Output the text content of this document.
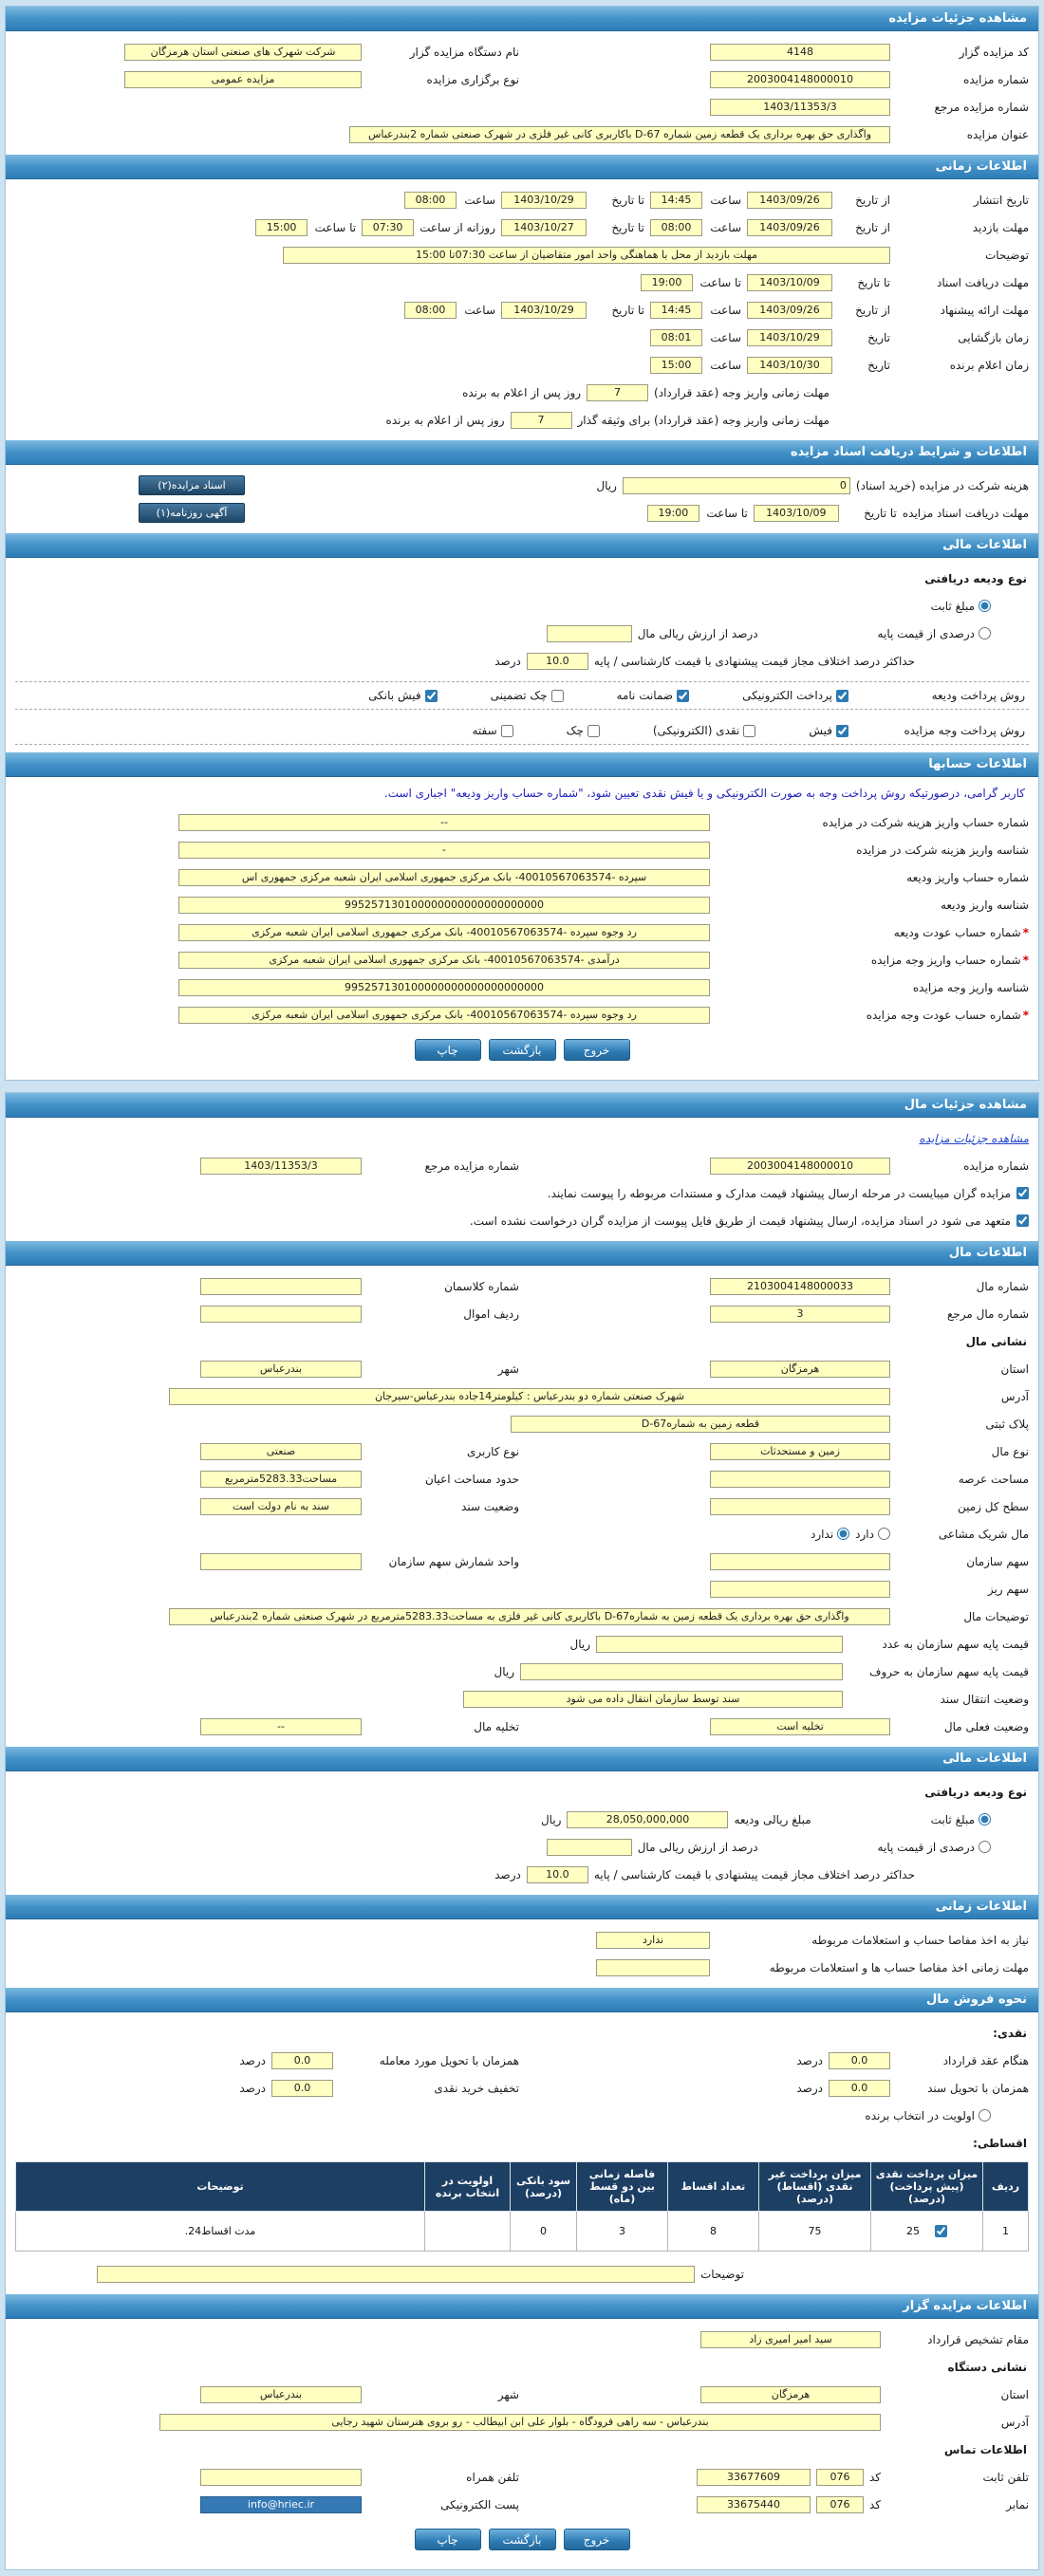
مشاهده جزئیات مزایده
کد مزایده گزار
4148
نام دستگاه مزایده گزار
شرکت شهرک های صنعتی استان هرمزگان
شماره مزایده
2003004148000010
نوع برگزاری مزایده
مزایده عمومی
شماره مزایده مرجع
1403/11353/3
عنوان مزایده
واگذاری حق بهره برداری یک قطعه زمین شماره D-67 باکاربری کانی غیر فلزی در شهرک صنعتی شماره 2بندرعباس
اطلاعات زمانی
تاریخ انتشار
از تاریخ
1403/09/26
ساعت
14:45
تا تاریخ
1403/10/29
ساعت
08:00
مهلت بازدید
از تاریخ
1403/09/26
ساعت
08:00
تا تاریخ
1403/10/27
روزانه از ساعت
07:30
تا ساعت
15:00
توضیحات
مهلت بازدید از محل با هماهنگی واحد امور متقاضیان از ساعت 07:30تا 15:00
مهلت دریافت اسناد
تا تاریخ
1403/10/09
تا ساعت
19:00
مهلت ارائه پیشنهاد
از تاریخ
1403/09/26
ساعت
14:45
تا تاریخ
1403/10/29
ساعت
08:00
زمان بازگشایی
تاریخ
1403/10/29
ساعت
08:01
زمان اعلام برنده
تاریخ
1403/10/30
ساعت
15:00
مهلت زمانی واریز وجه (عقد قرارداد)
7
روز پس از اعلام به برنده
مهلت زمانی واریز وجه (عقد قرارداد) برای وثیقه گذار
7
روز پس از اعلام به برنده
اطلاعات و شرایط دریافت اسناد مزایده
هزینه شرکت در مزایده (خرید اسناد)
0
ریال
اسناد مزایده(۲)
مهلت دریافت اسناد مزایده
تا تاریخ
1403/10/09
تا ساعت
19:00
آگهی روزنامه(۱)
اطلاعات مالی
نوع ودیعه دریافتی
مبلغ ثابت
درصدی از قیمت پایه
درصد از ارزش ریالی مال
حداکثر درصد اختلاف مجاز قیمت پیشنهادی با قیمت کارشناسی / پایه
10.0
درصد
روش پرداخت ودیعه
پرداخت الکترونیکی
ضمانت نامه
چک تضمینی
فیش بانکی
روش پرداخت وجه مزایده
فیش
نقدی (الکترونیکی)
چک
سفته
اطلاعات حسابها
کاربر گرامی، درصورتیکه روش پرداخت وجه به صورت الکترونیکی و یا فیش نقدی تعیین شود، "شماره حساب واریز ودیعه" اجباری است.
شماره حساب واریز هزینه شرکت در مزایده
--
شناسه واریز هزینه شرکت در مزایده
-
شماره حساب واریز ودیعه
سپرده -40010567063574- بانک مرکزی جمهوری اسلامی ایران شعبه مرکزی جمهوری اس
شناسه واریز ودیعه
995257130100000000000000000000
*شماره حساب عودت ودیعه
رد وجوه سپرده -40010567063574- بانک مرکزی جمهوری اسلامی ایران شعبه مرکزی
*شماره حساب واریز وجه مزایده
درآمدی -40010567063574- بانک مرکزی جمهوری اسلامی ایران شعبه مرکزی
شناسه واریز وجه مزایده
995257130100000000000000000000
*شماره حساب عودت وجه مزایده
رد وجوه سپرده -40010567063574- بانک مرکزی جمهوری اسلامی ایران شعبه مرکزی
خروج
بازگشت
چاپ
مشاهده جزئیات مال
مشاهده جزئیات مزایده
شماره مزایده
2003004148000010
شماره مزایده مرجع
1403/11353/3
مزایده گران میبایست در مرحله ارسال پیشنهاد قیمت مدارک و مستندات مربوطه را پیوست نمایند.
متعهد می شود در اسناد مزایده، ارسال پیشنهاد قیمت از طریق فایل پیوست از مزایده گران درخواست نشده است.
اطلاعات مال
شماره مال
2103004148000033
شماره کلاسمان
شماره مال مرجع
3
ردیف اموال
نشانی مال
استان
هرمزگان
شهر
بندرعباس
آدرس
شهرک صنعتی شماره دو بندرعباس : کیلومتر14جاده بندرعباس-سیرجان
پلاک ثبتی
قطعه زمین به شمارهD-67
نوع مال
زمین و مستحدثات
نوع کاربری
صنعتی
مساحت عرصه
حدود مساحت اعیان
مساحت5283.33مترمربع
سطح کل زمین
وضعیت سند
سند به نام دولت است
مال شریک مشاعی
دارد
ندارد
سهم سازمان
واحد شمارش سهم سازمان
سهم ریز
توضیحات مال
واگذاری حق بهره برداری یک قطعه زمین به شمارهD-67 باکاربری کانی غیر فلزی به مساحت5283.33مترمربع در شهرک صنعتی شماره 2بندرعباس
قیمت پایه سهم سازمان به عدد
ریال
قیمت پایه سهم سازمان به حروف
ریال
وضعیت انتقال سند
سند توسط سازمان انتقال داده می شود
وضعیت فعلی مال
تخلیه است
تخلیه مال
--
اطلاعات مالی
نوع ودیعه دریافتی
مبلغ ثابت
مبلغ ریالی ودیعه
28,050,000,000
ریال
درصدی از قیمت پایه
درصد از ارزش ریالی مال
حداکثر درصد اختلاف مجاز قیمت پیشنهادی با قیمت کارشناسی / پایه
10.0
درصد
اطلاعات زمانی
نیاز به اخذ مفاصا حساب و استعلامات مربوطه
ندارد
مهلت زمانی اخذ مفاصا حساب ها و استعلامات مربوطه
نحوه فروش مال
نقدی:
هنگام عقد قرارداد
0.0
درصد
همزمان با تحویل مورد معامله
0.0
درصد
همزمان با تحویل سند
0.0
درصد
تخفیف خرید نقدی
0.0
درصد
اولویت در انتخاب برنده
اقساطی:
ردیف	میزان پرداخت نقدی (پیش پرداخت)(درصد)	میزان پرداخت غیر نقدی (اقساط)(درصد)	تعداد اقساط	فاصله زمانی بین دو قسط (ماه)	سود بانکی (درصد)	اولویت در انتخاب برنده	توضیحات
1	25	75	8	3	0		مدت اقساط24.
توضیحات
اطلاعات مزایده گزار
مقام تشخیص قرارداد
سید امیر امیری زاد
نشانی دستگاه
استان
هرمزگان
شهر
بندرعباس
آدرس
بندرعباس - سه راهی فرودگاه - بلوار علی ابن ابیطالب - رو بروی هنرستان شهید رجایی
اطلاعات تماس
تلفن ثابت
کد
076
33677609
تلفن همراه
نمابر
کد
076
33675440
پست الکترونیکی
info@hriec.ir
خروج
بازگشت
چاپ
